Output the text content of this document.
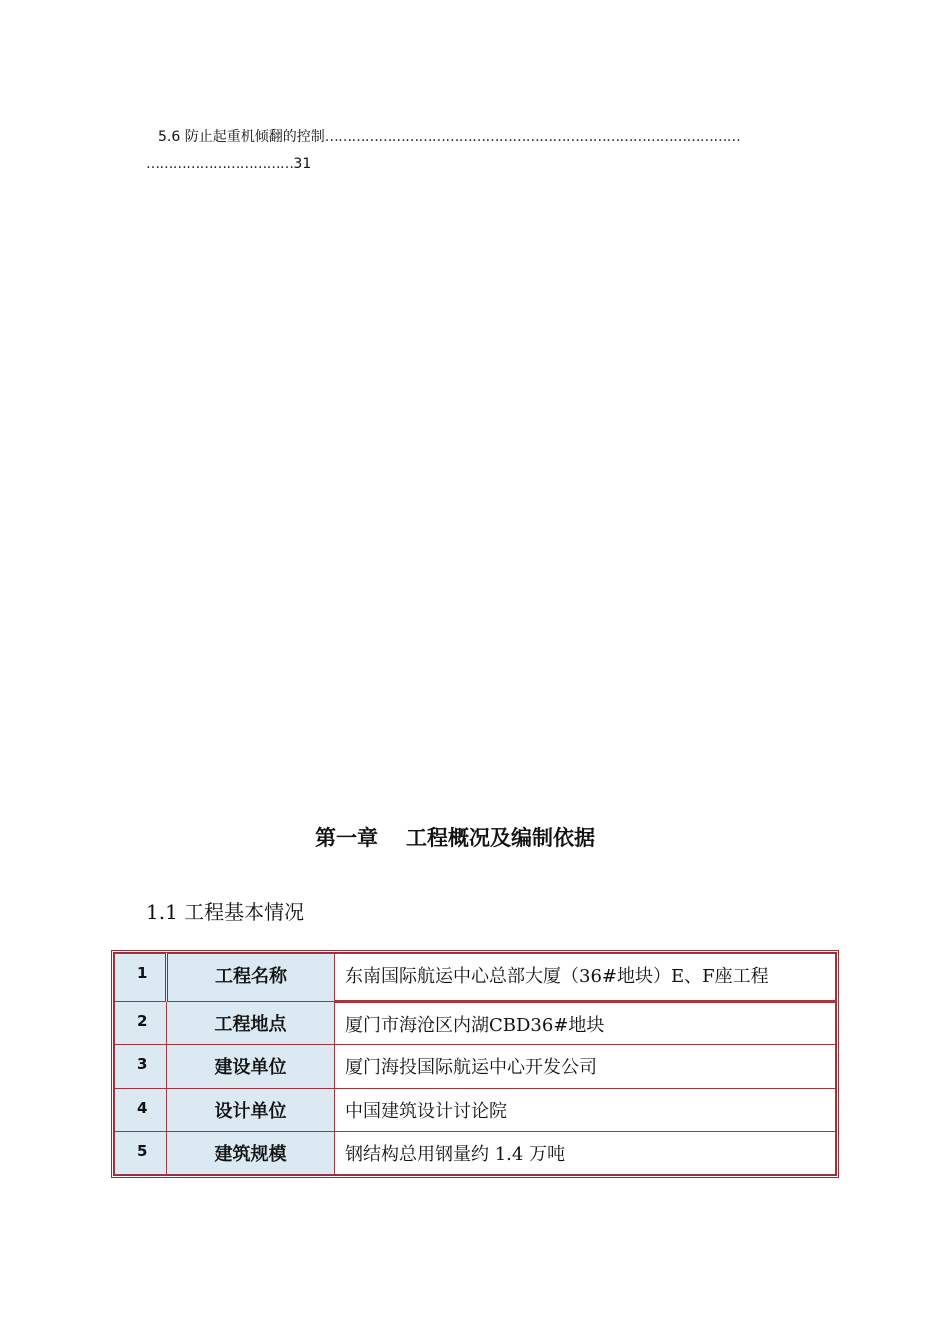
5.6 防止起重机倾翻的控制…………………………………………………………………………………
……………………………31
第一章 工程概况及编制依据
1.1 工程基本情况
1	工程名称	东南国际航运中心总部大厦（36#地块）E、F座工程
2	工程地点	厦门市海沧区内湖CBD36#地块
3	建设单位	厦门海投国际航运中心开发公司
4	设计单位	中国建筑设计讨论院
5	建筑规模	钢结构总用钢量约 1.4 万吨
